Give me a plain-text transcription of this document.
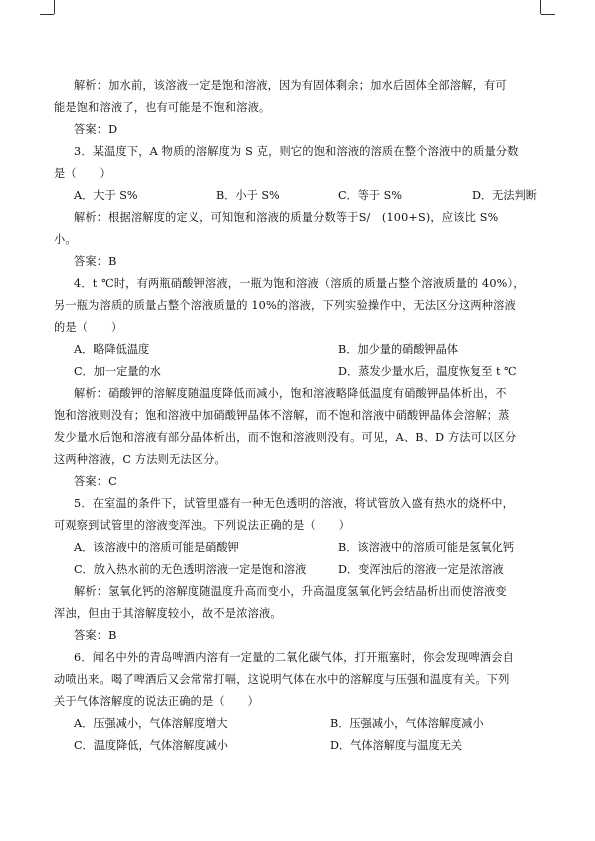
解析：加水前，该溶液一定是饱和溶液，因为有固体剩余；加水后固体全部溶解，有可
能是饱和溶液了，也有可能是不饱和溶液。
答案：D
3．某温度下，A 物质的溶解度为 S 克，则它的饱和溶液的溶质在整个溶液中的质量分数
是（　　）
A．大于 S%	B．小于 S%	C．等于 S%	D．无法判断
解析：根据溶解度的定义，可知饱和溶液的质量分数等于S/　(100+S)，应该比 S%
小。
答案：B
4．t ℃时，有两瓶硝酸钾溶液，一瓶为饱和溶液（溶质的质量占整个溶液质量的 40%），
另一瓶为溶质的质量占整个溶液质量的 10%的溶液，下列实验操作中，无法区分这两种溶液
的是（　　）
A．略降低温度	B．加少量的硝酸钾晶体
C．加一定量的水	D．蒸发少量水后，温度恢复至 t ℃
解析：硝酸钾的溶解度随温度降低而减小，饱和溶液略降低温度有硝酸钾晶体析出，不
饱和溶液则没有；饱和溶液中加硝酸钾晶体不溶解，而不饱和溶液中硝酸钾晶体会溶解；蒸
发少量水后饱和溶液有部分晶体析出，而不饱和溶液则没有。可见，A、B、D 方法可以区分
这两种溶液，C 方法则无法区分。
答案：C
5．在室温的条件下，试管里盛有一种无色透明的溶液，将试管放入盛有热水的烧杯中，
可观察到试管里的溶液变浑浊。下列说法正确的是（　　）
A．该溶液中的溶质可能是硝酸钾	B．该溶液中的溶质可能是氢氧化钙
C．放入热水前的无色透明溶液一定是饱和溶液	D．变浑浊后的溶液一定是浓溶液
解析：氢氧化钙的溶解度随温度升高而变小，升高温度氢氧化钙会结晶析出而使溶液变
浑浊，但由于其溶解度较小，故不是浓溶液。
答案：B
6．闻名中外的青岛啤酒内溶有一定量的二氧化碳气体，打开瓶塞时，你会发现啤酒会自
动喷出来。喝了啤酒后又会常常打嗝，这说明气体在水中的溶解度与压强和温度有关。下列
关于气体溶解度的说法正确的是（　　）
A．压强减小，气体溶解度增大	B．压强减小，气体溶解度减小
C．温度降低，气体溶解度减小	D．气体溶解度与温度无关
